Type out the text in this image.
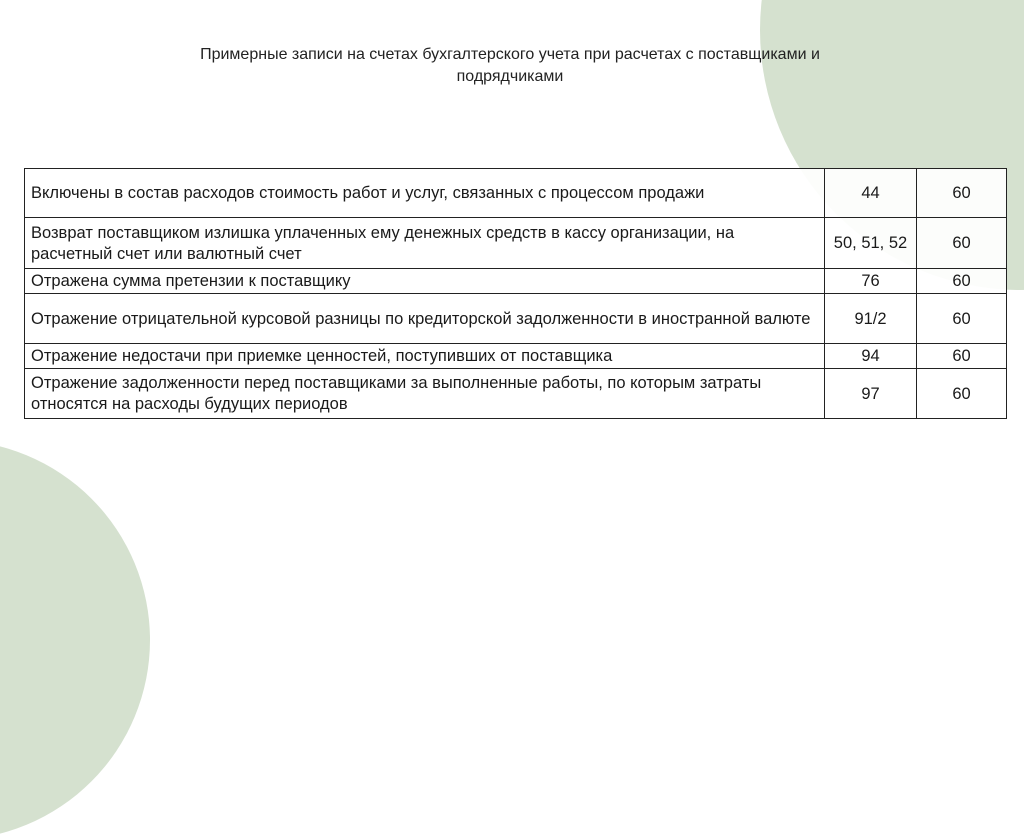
Примерные записи на счетах бухгалтерского учета при расчетах с поставщиками и подрядчиками
Включены в состав расходов стоимость работ и услуг, связанных с процессом продажи	44	60
Возврат поставщиком излишка уплаченных ему денежных средств в кассу организации, на расчетный счет или валютный счет	50, 51, 52	60
Отражена сумма претензии к поставщику	76	60
Отражение отрицательной курсовой разницы по кредиторской задолженности в иностранной валюте	91/2	60
Отражение недостачи при приемке ценностей, поступивших от поставщика	94	60
Отражение задолженности перед поставщиками за выполненные работы, по которым затраты относятся на расходы будущих периодов	97	60
